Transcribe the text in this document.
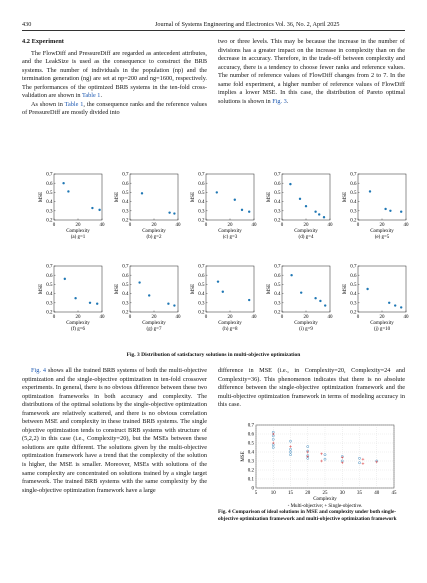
430	Journal of Systems Engineering and Electronics Vol. 36, No. 2, April 2025
4.2 Experiment

The FlowDiff and PressureDiff are regarded as antecedent attributes, and the LeakSize is used as the consequence to construct the BRB systems. The number of individuals in the population (np) and the termination generation (ng) are set at np=200 and ng=1600, respectively. The performances of the optimized BRB systems in the ten-fold cross-validation are shown in Table 1.

As shown in Table 1, the consequence ranks and the reference values of PressureDiff are mostly divided into

two or three levels. This may be because the increase in the number of divisions has a greater impact on the increase in complexity than on the decrease in accuracy. Therefore, in the trade-off between complexity and accuracy, there is a tendency to choose fewer ranks and reference values. The number of reference values of FlowDiff changes from 2 to 7. In the same fold experiment, a higher number of reference values of FlowDiff implies a lower MSE. In this case, the distribution of Pareto optimal solutions is shown in Fig. 3.

0.2
0.3
0.4
0.5
0.6
0.7
0	20	40
MSE
Complexity
(a) g=1
0.2
0.3
0.4
0.5
0.6
0.7
0	20	40
MSE
Complexity
(b) g=2
0.2
0.3
0.4
0.5
0.6
0.7
0	20	40
MSE
Complexity
(c) g=3
0.2
0.3
0.4
0.5
0.6
0.7
0	20	40
MSE
Complexity
(d) g=4
0.2
0.3
0.4
0.5
0.6
0.7
0	20	40
MSE
Complexity
(e) g=5
0.2
0.3
0.4
0.5
0.6
0.7
0	20	40
MSE
Complexity
(f) g=6
0.2
0.3
0.4
0.5
0.6
0.7
0	20	40
MSE
Complexity
(g) g=7
0.2
0.3
0.4
0.5
0.6
0.7
0	20	40
MSE
Complexity
(h) g=8
0.2
0.3
0.4
0.5
0.6
0.7
0	20	40
MSE
Complexity
(i) g=9
0.2
0.3
0.4
0.5
0.6
0.7
0	20	40
MSE
Complexity
(j) g=10
Fig. 3 Distribution of satisfactory solutions in multi-objective optimization

Fig. 4 shows all the trained BRB systems of both the multi-objective optimization and the single-objective optimization in ten-fold crossover experiments. In general, there is no obvious difference between these two optimization frameworks in both accuracy and complexity. The distributions of the optimal solutions by the single-objective optimization framework are relatively scattered, and there is no obvious correlation between MSE and complexity in these trained BRB systems. The single objective optimization tends to construct BRB systems with structure of (5,2,2) in this case (i.e., Complexity=20), but the MSEs between these solutions are quite different. The solutions given by the multi-objective optimization framework have a trend that the complexity of the solution is higher, the MSE is smaller. Moreover, MSEs with solutions of the same complexity are concentrated on solutions trained by a single target framework. The trained BRB systems with the same complexity by the single-objective optimization framework have a large

difference in MSE (i.e., in Complexity=20, Complexity=24 and Complexity=36). This phenomenon indicates that there is no absolute difference between the single-objective optimization framework and the multi-objective optimization framework in terms of modeling accuracy in this case.

0
0.1
0.2
0.3
0.4
0.5
0.6
0.7
5	10 15 20 25 30 35 40 45
MSE
Complexity
◦ Multi-objective; + Single-objective.
Fig. 4 Comparison of ideal solutions in MSE and complexity under both single-objective optimization framework and multi-objective optimization framework
